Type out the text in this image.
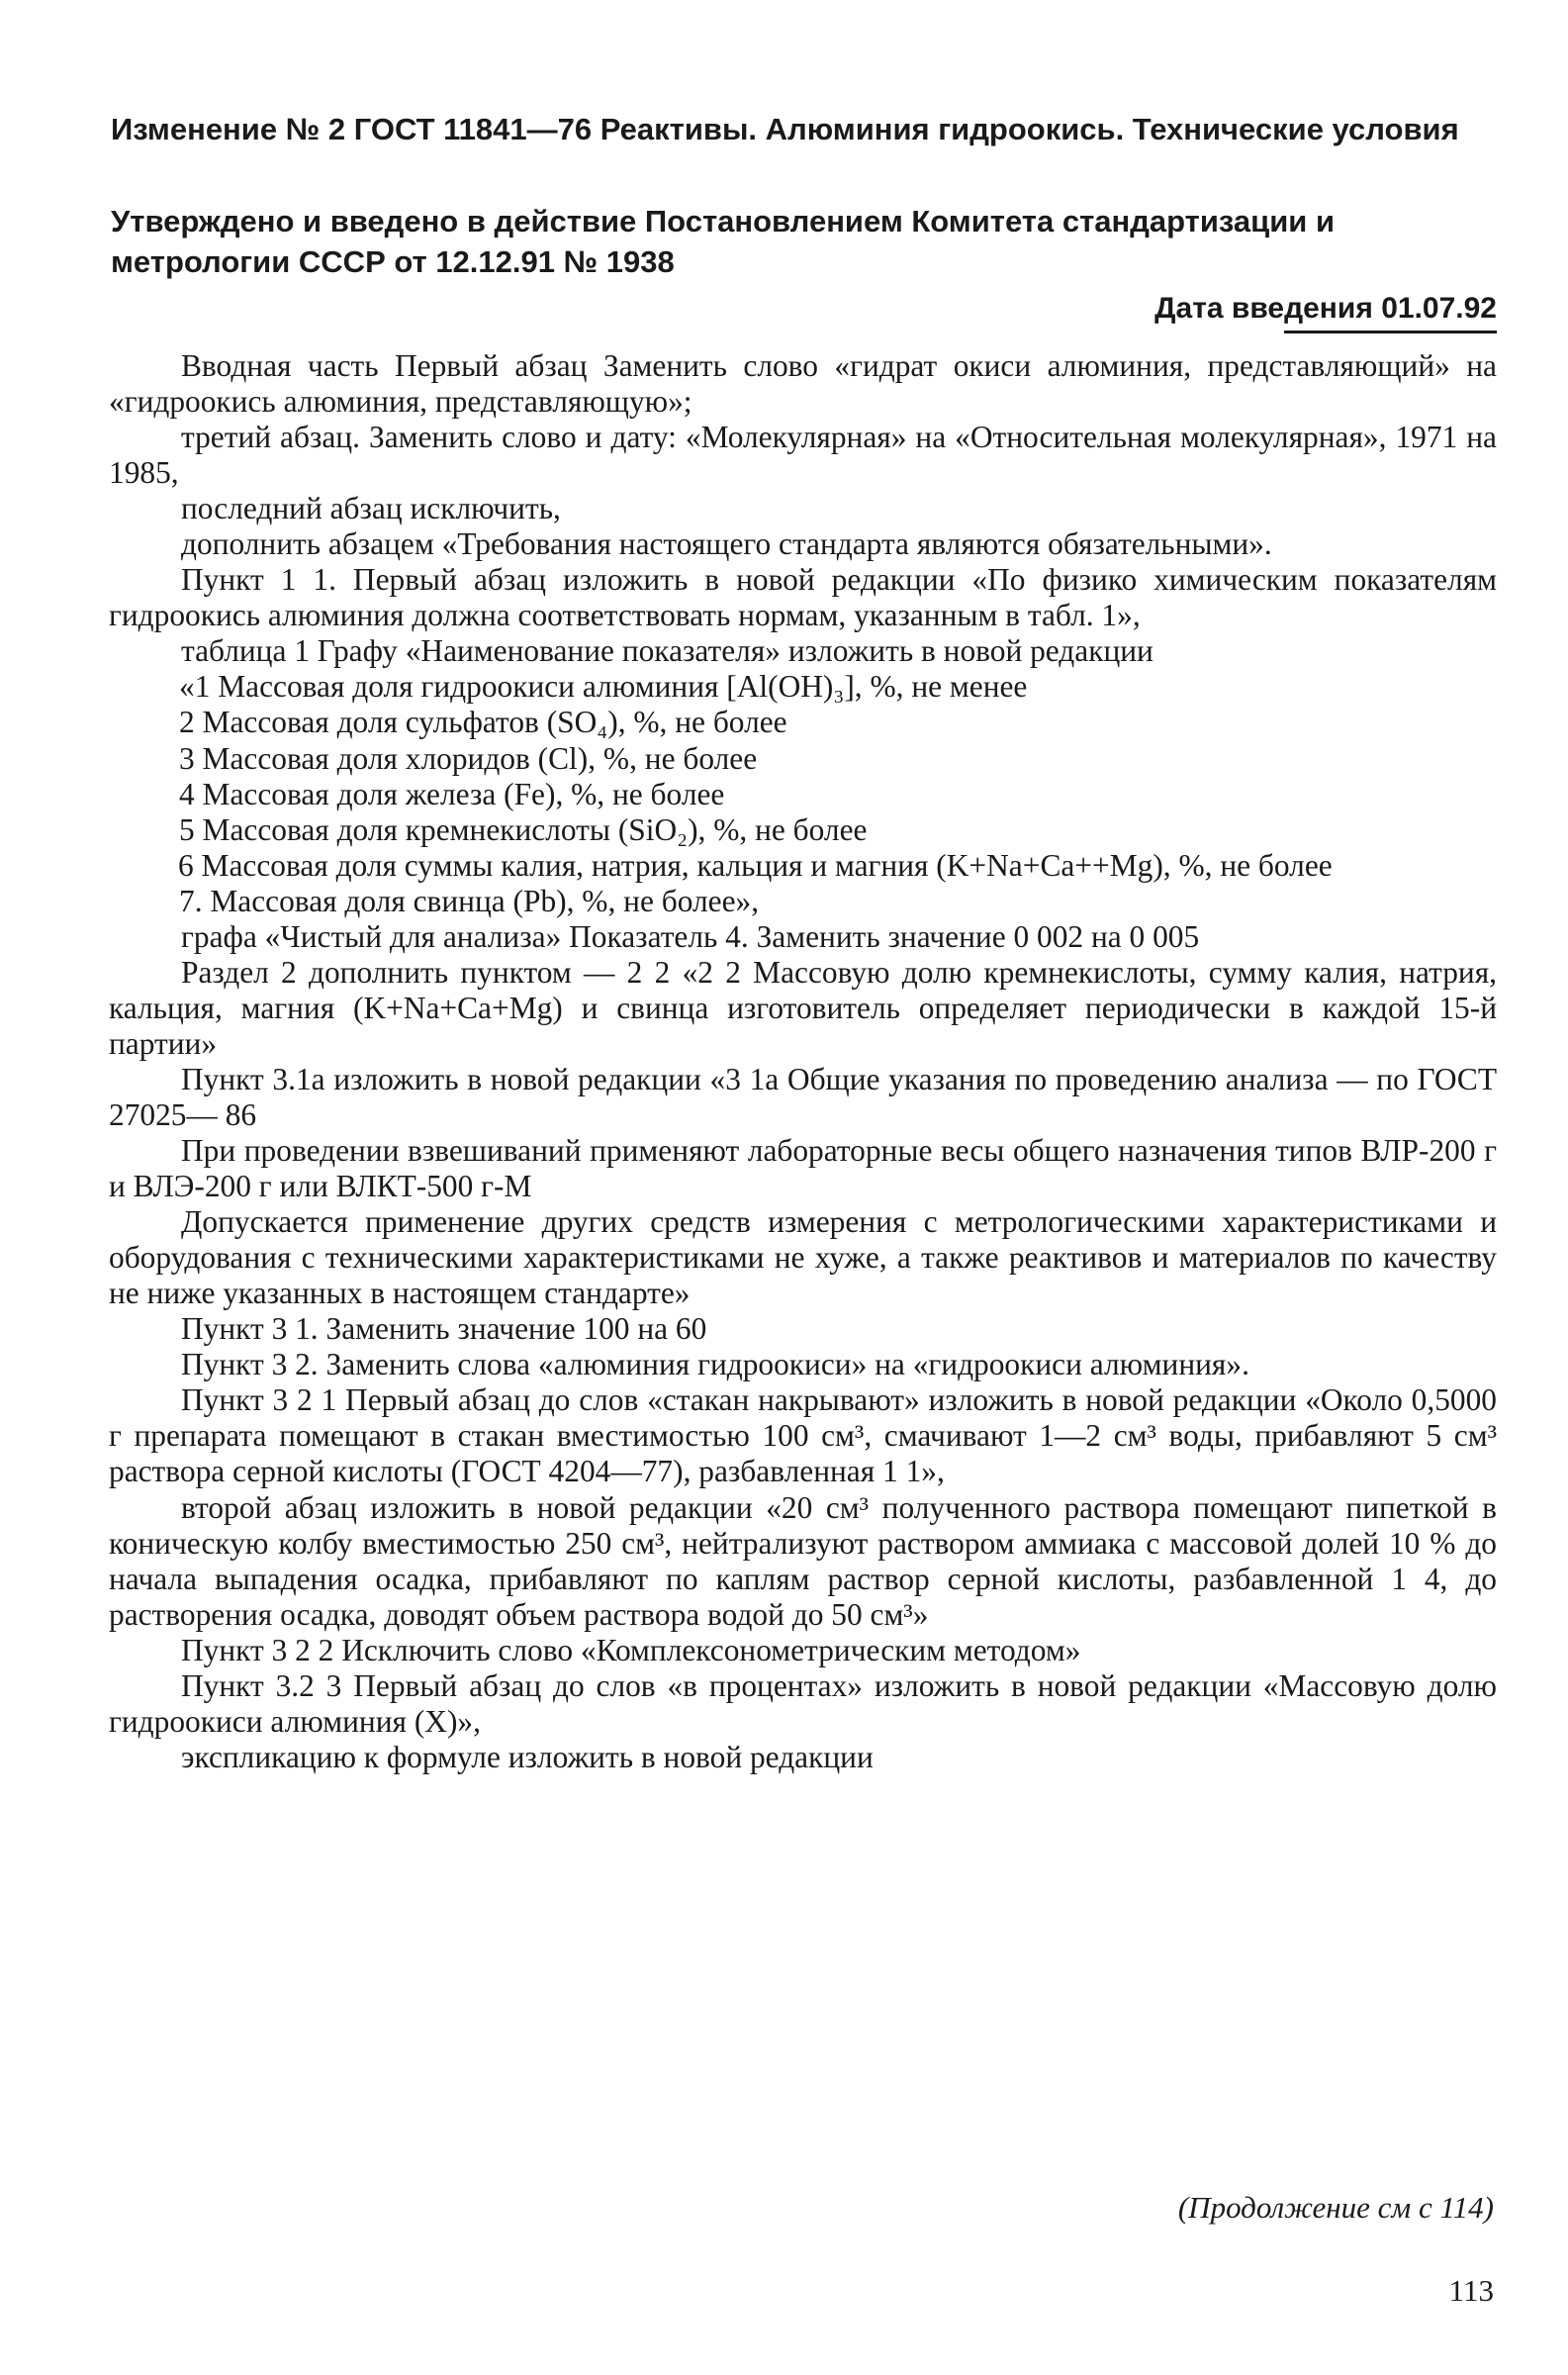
Изменение № 2 ГОСТ 11841—76 Реактивы. Алюминия гидроокись. Технические условия

Утверждено и введено в действие Постановлением Комитета стандартизации и метрологии СССР от 12.12.91 № 1938

Дата введения 01.07.92

Вводная часть Первый абзац Заменить слово «гидрат окиси алюминия, представляющий» на «гидроокись алюминия, представляющую»;

третий абзац. Заменить слово и дату: «Молекулярная» на «Относительная молекулярная», 1971 на 1985,

последний абзац исключить,

дополнить абзацем «Требования настоящего стандарта являются обязательными».

Пункт 1 1. Первый абзац изложить в новой редакции «По физико химическим показателям гидроокись алюминия должна соответствовать нормам, указанным в табл. 1»,

таблица 1 Графу «Наименование показателя» изложить в новой редакции

«1 Массовая доля гидроокиси алюминия [Al(OH)₃], %, не менее

2 Массовая доля сульфатов (SO₄), %, не более

3 Массовая доля хлоридов (Cl), %, не более

4 Массовая доля железа (Fe), %, не более

5 Массовая доля кремнекислоты (SiO₂), %, не более

6 Массовая доля суммы калия, натрия, кальция и магния (K+Na+Ca++Mg), %, не более

7. Массовая доля свинца (Pb), %, не более»,

графа «Чистый для анализа» Показатель 4. Заменить значение 0 002 на 0 005

Раздел 2 дополнить пунктом — 2 2 «2 2 Массовую долю кремнекислоты, сумму калия, натрия, кальция, магния (K+Na+Ca+Mg) и свинца изготовитель определяет периодически в каждой 15-й партии»

Пункт 3.1а изложить в новой редакции «3 1а Общие указания по проведению анализа — по ГОСТ 27025— 86

При проведении взвешиваний применяют лабораторные весы общего назначения типов ВЛР-200 г и ВЛЭ-200 г или ВЛКТ-500 г-М

Допускается применение других средств измерения с метрологическими характеристиками и оборудования с техническими характеристиками не хуже, а также реактивов и материалов по качеству не ниже указанных в настоящем стандарте»

Пункт 3 1. Заменить значение 100 на 60

Пункт 3 2. Заменить слова «алюминия гидроокиси» на «гидроокиси алюминия».

Пункт 3 2 1 Первый абзац до слов «стакан накрывают» изложить в новой редакции «Около 0,5000 г препарата помещают в стакан вместимостью 100 см³, смачивают 1—2 см³ воды, прибавляют 5 см³ раствора серной кислоты (ГОСТ 4204—77), разбавленная 1 1»,

второй абзац изложить в новой редакции «20 см³ полученного раствора помещают пипеткой в коническую колбу вместимостью 250 см³, нейтрализуют раствором аммиака с массовой долей 10 % до начала выпадения осадка, прибавляют по каплям раствор серной кислоты, разбавленной 1 4, до растворения осадка, доводят объем раствора водой до 50 см³»

Пункт 3 2 2 Исключить слово «Комплексонометрическим методом»

Пункт 3.2 3 Первый абзац до слов «в процентах» изложить в новой редакции «Массовую долю гидроокиси алюминия (X)»,

экспликацию к формуле изложить в новой редакции

(Продолжение см с 114)
113
